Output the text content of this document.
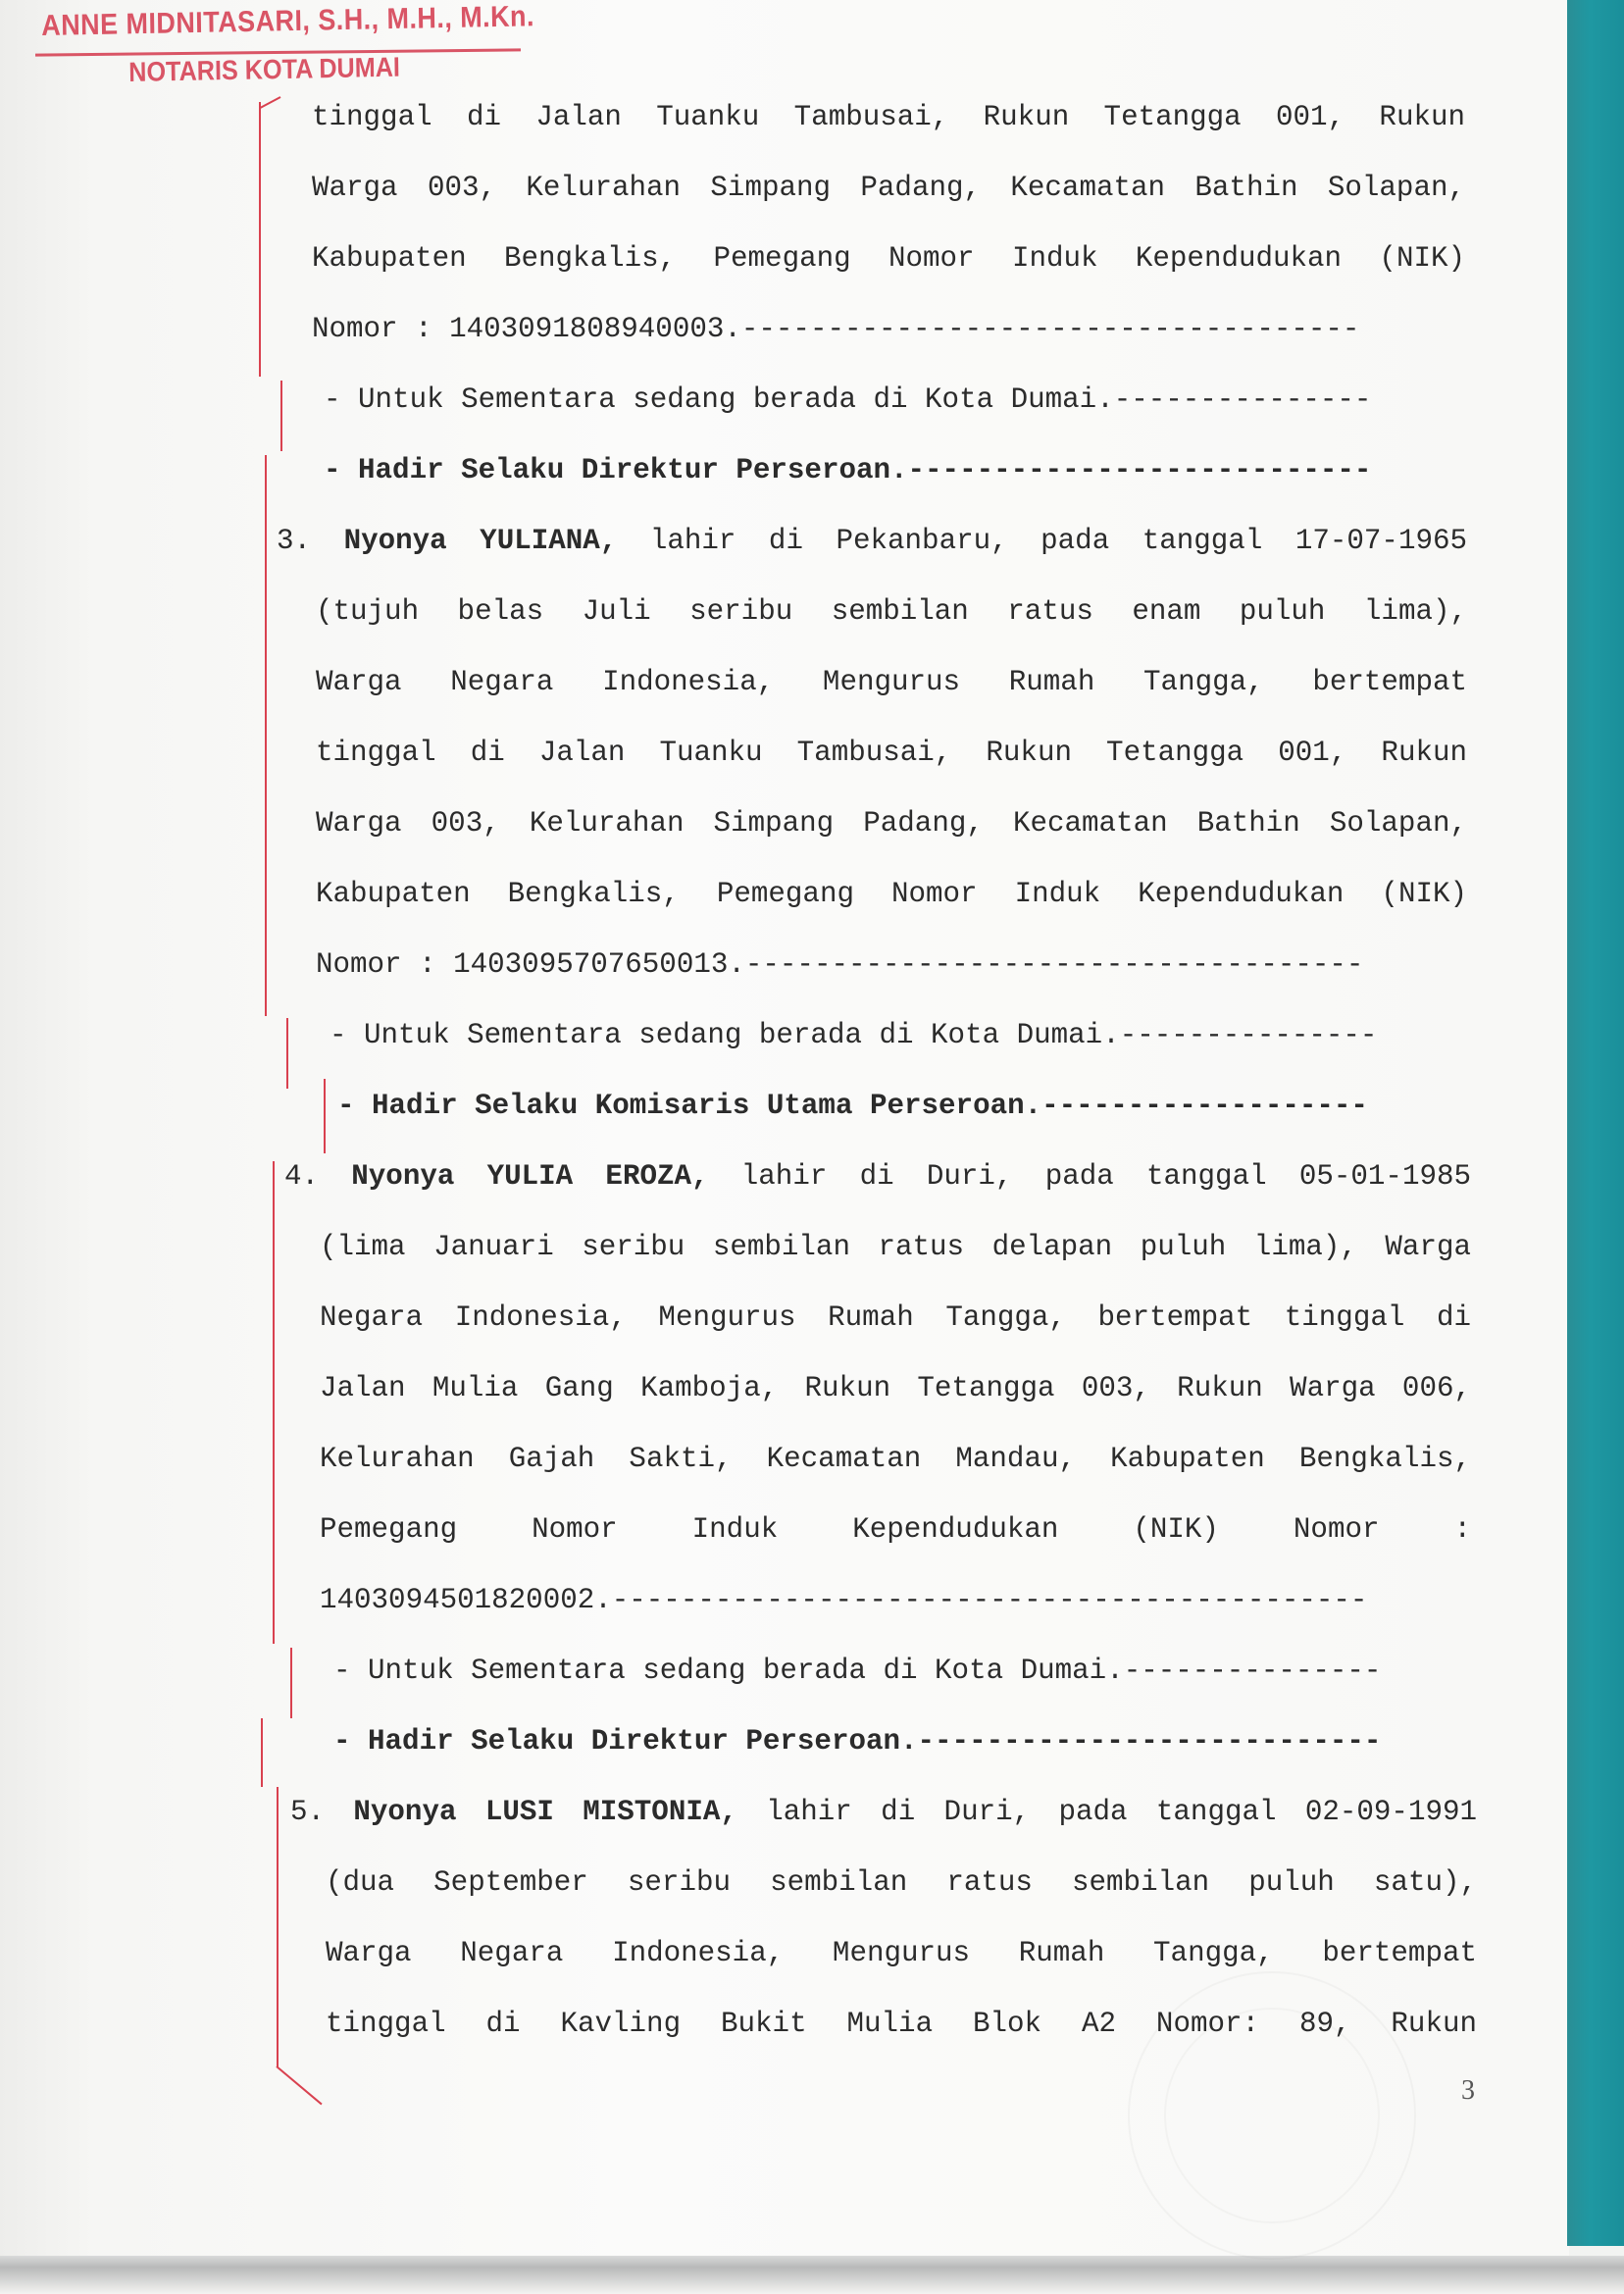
ANNE MIDNITASARI, S.H., M.H., M.Kn.
NOTARIS KOTA DUMAI
tinggal di Jalan Tuanku Tambusai, Rukun Tetangga 001, Rukun
Warga 003, Kelurahan Simpang Padang, Kecamatan Bathin Solapan,
Kabupaten Bengkalis, Pemegang Nomor Induk Kependudukan (NIK)
Nomor : 1403091808940003.------------------------------------
- Untuk Sementara sedang berada di Kota Dumai.---------------
- Hadir Selaku Direktur Perseroan.---------------------------
3. Nyonya YULIANA, lahir di Pekanbaru, pada tanggal 17-07-1965
(tujuh belas Juli seribu sembilan ratus enam puluh lima),
Warga Negara Indonesia, Mengurus Rumah Tangga, bertempat
tinggal di Jalan Tuanku Tambusai, Rukun Tetangga 001, Rukun
Warga 003, Kelurahan Simpang Padang, Kecamatan Bathin Solapan,
Kabupaten Bengkalis, Pemegang Nomor Induk Kependudukan (NIK)
Nomor : 1403095707650013.------------------------------------
- Untuk Sementara sedang berada di Kota Dumai.---------------
- Hadir Selaku Komisaris Utama Perseroan.-------------------
4. Nyonya YULIA EROZA, lahir di Duri, pada tanggal 05-01-1985
(lima Januari seribu sembilan ratus delapan puluh lima), Warga
Negara Indonesia, Mengurus Rumah Tangga, bertempat tinggal di
Jalan Mulia Gang Kamboja, Rukun Tetangga 003, Rukun Warga 006,
Kelurahan Gajah Sakti, Kecamatan Mandau, Kabupaten Bengkalis,
Pemegang Nomor Induk Kependudukan (NIK) Nomor :
1403094501820002.--------------------------------------------
- Untuk Sementara sedang berada di Kota Dumai.---------------
- Hadir Selaku Direktur Perseroan.---------------------------
5. Nyonya LUSI MISTONIA, lahir di Duri, pada tanggal 02-09-1991
(dua September seribu sembilan ratus sembilan puluh satu),
Warga Negara Indonesia, Mengurus Rumah Tangga, bertempat
tinggal di Kavling Bukit Mulia Blok A2 Nomor: 89, Rukun
3
